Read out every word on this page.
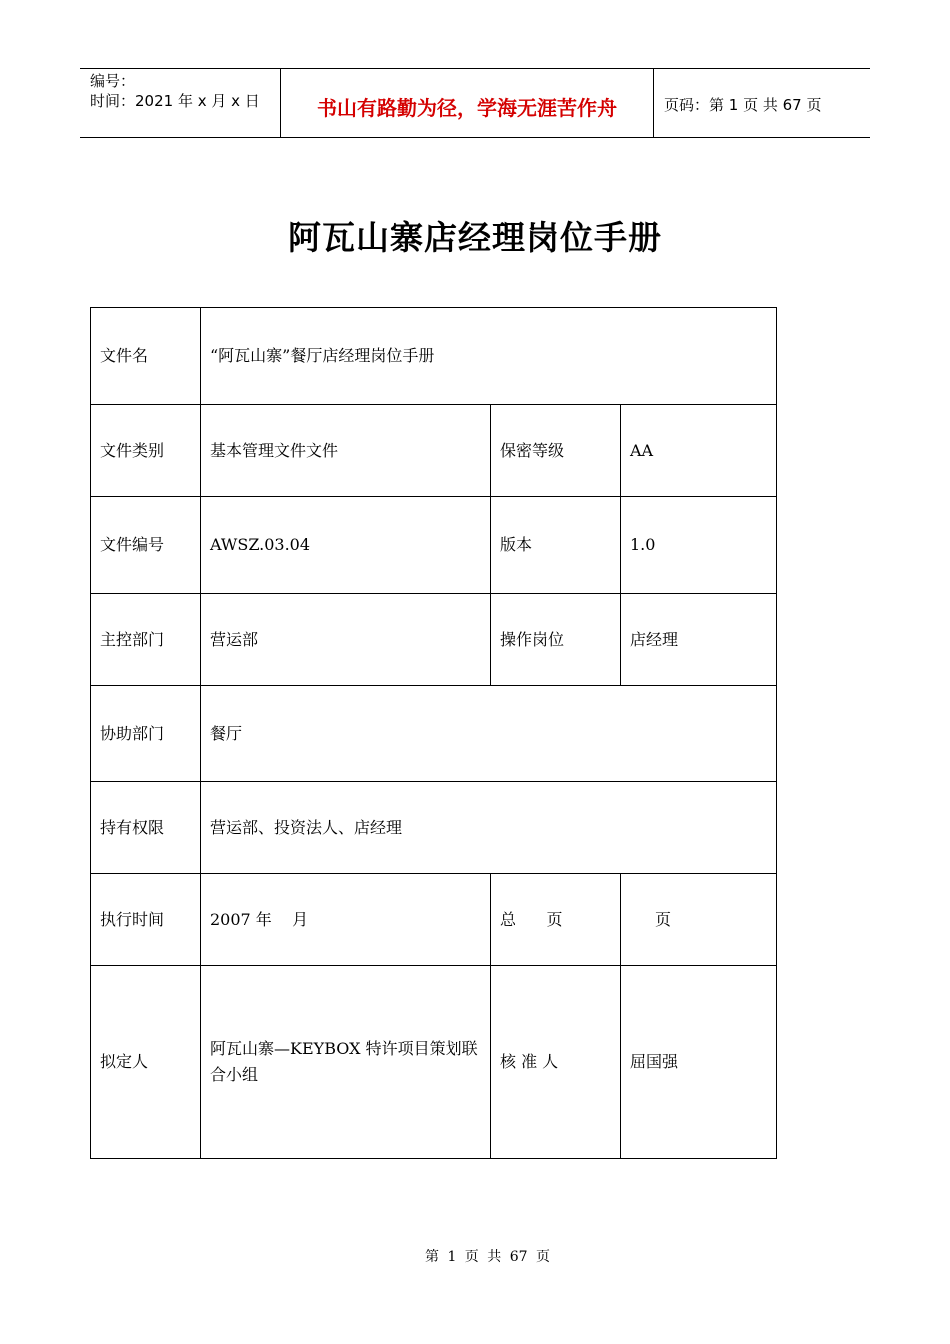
编号：
时间：2021 年 x 月 x 日	书山有路勤为径，学海无涯苦作舟	页码：第 1 页 共 67 页
阿瓦山寨店经理岗位手册
文件名	“阿瓦山寨”餐厅店经理岗位手册		
文件类别	基本管理文件文件	保密等级	AA
文件编号	AWSZ.03.04	版本	1.0
主控部门	营运部	操作岗位	店经理
协助部门	餐厅		
持有权限	营运部、投资法人、店经理		
执行时间	2007 年    月	总      页	页
拟定人	阿瓦山寨—KEYBOX 特许项目策划联合小组	核 准 人	屈国强
第 1 页 共 67 页
